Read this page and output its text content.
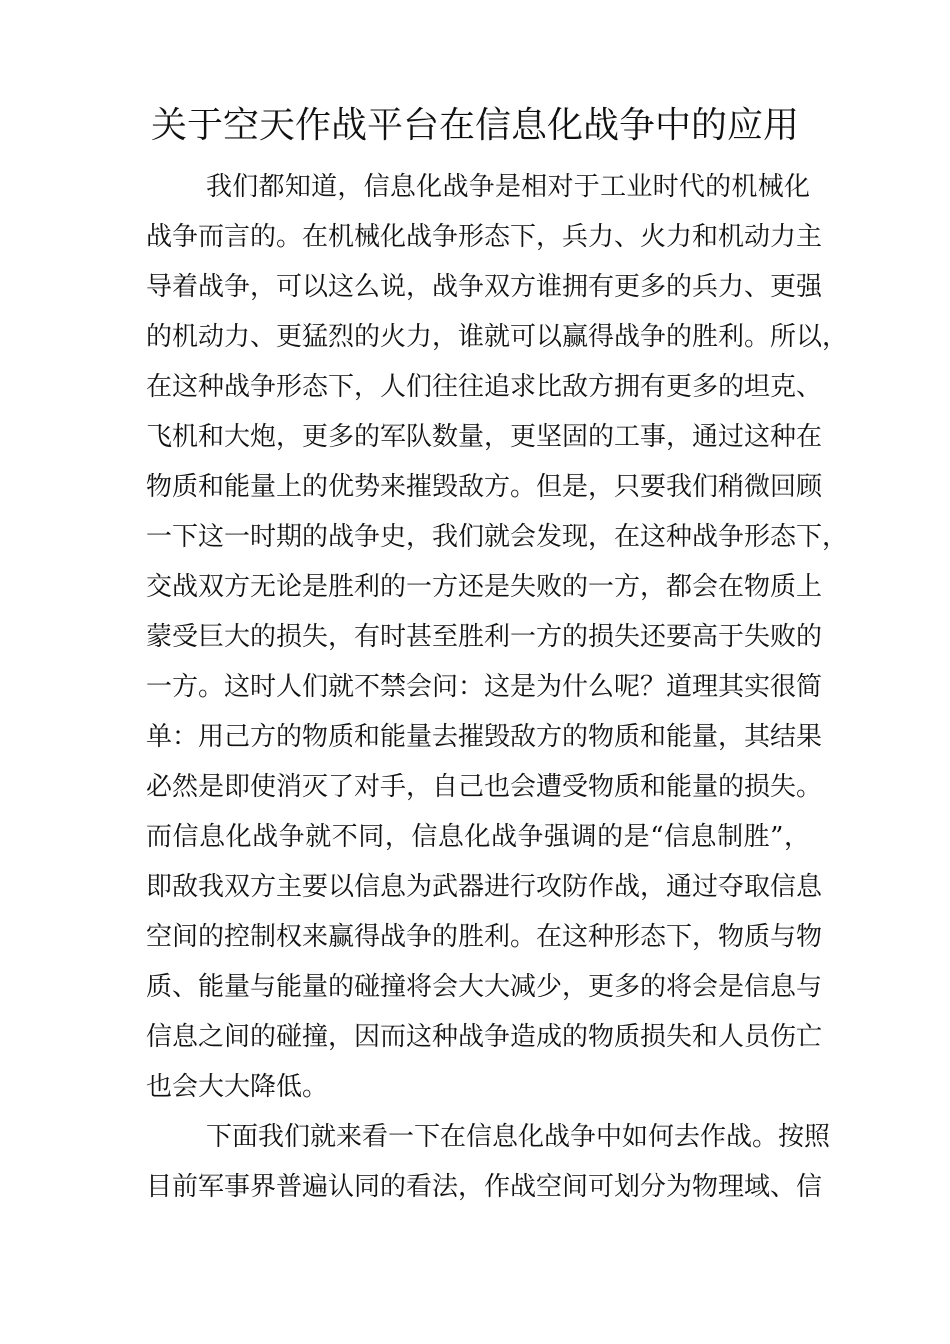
关于空天作战平台在信息化战争中的应用
我们都知道，信息化战争是相对于工业时代的机械化
战争而言的。在机械化战争形态下，兵力、火力和机动力主
导着战争，可以这么说，战争双方谁拥有更多的兵力、更强
的机动力、更猛烈的火力，谁就可以赢得战争的胜利。所以，
在这种战争形态下，人们往往追求比敌方拥有更多的坦克、
飞机和大炮，更多的军队数量，更坚固的工事，通过这种在
物质和能量上的优势来摧毁敌方。但是，只要我们稍微回顾
一下这一时期的战争史，我们就会发现，在这种战争形态下，
交战双方无论是胜利的一方还是失败的一方，都会在物质上
蒙受巨大的损失，有时甚至胜利一方的损失还要高于失败的
一方。这时人们就不禁会问：这是为什么呢？道理其实很简
单：用己方的物质和能量去摧毁敌方的物质和能量，其结果
必然是即使消灭了对手，自己也会遭受物质和能量的损失。
而信息化战争就不同，信息化战争强调的是“信息制胜”，
即敌我双方主要以信息为武器进行攻防作战，通过夺取信息
空间的控制权来赢得战争的胜利。在这种形态下，物质与物
质、能量与能量的碰撞将会大大减少，更多的将会是信息与
信息之间的碰撞，因而这种战争造成的物质损失和人员伤亡
也会大大降低。
下面我们就来看一下在信息化战争中如何去作战。按照
目前军事界普遍认同的看法，作战空间可划分为物理域、信
